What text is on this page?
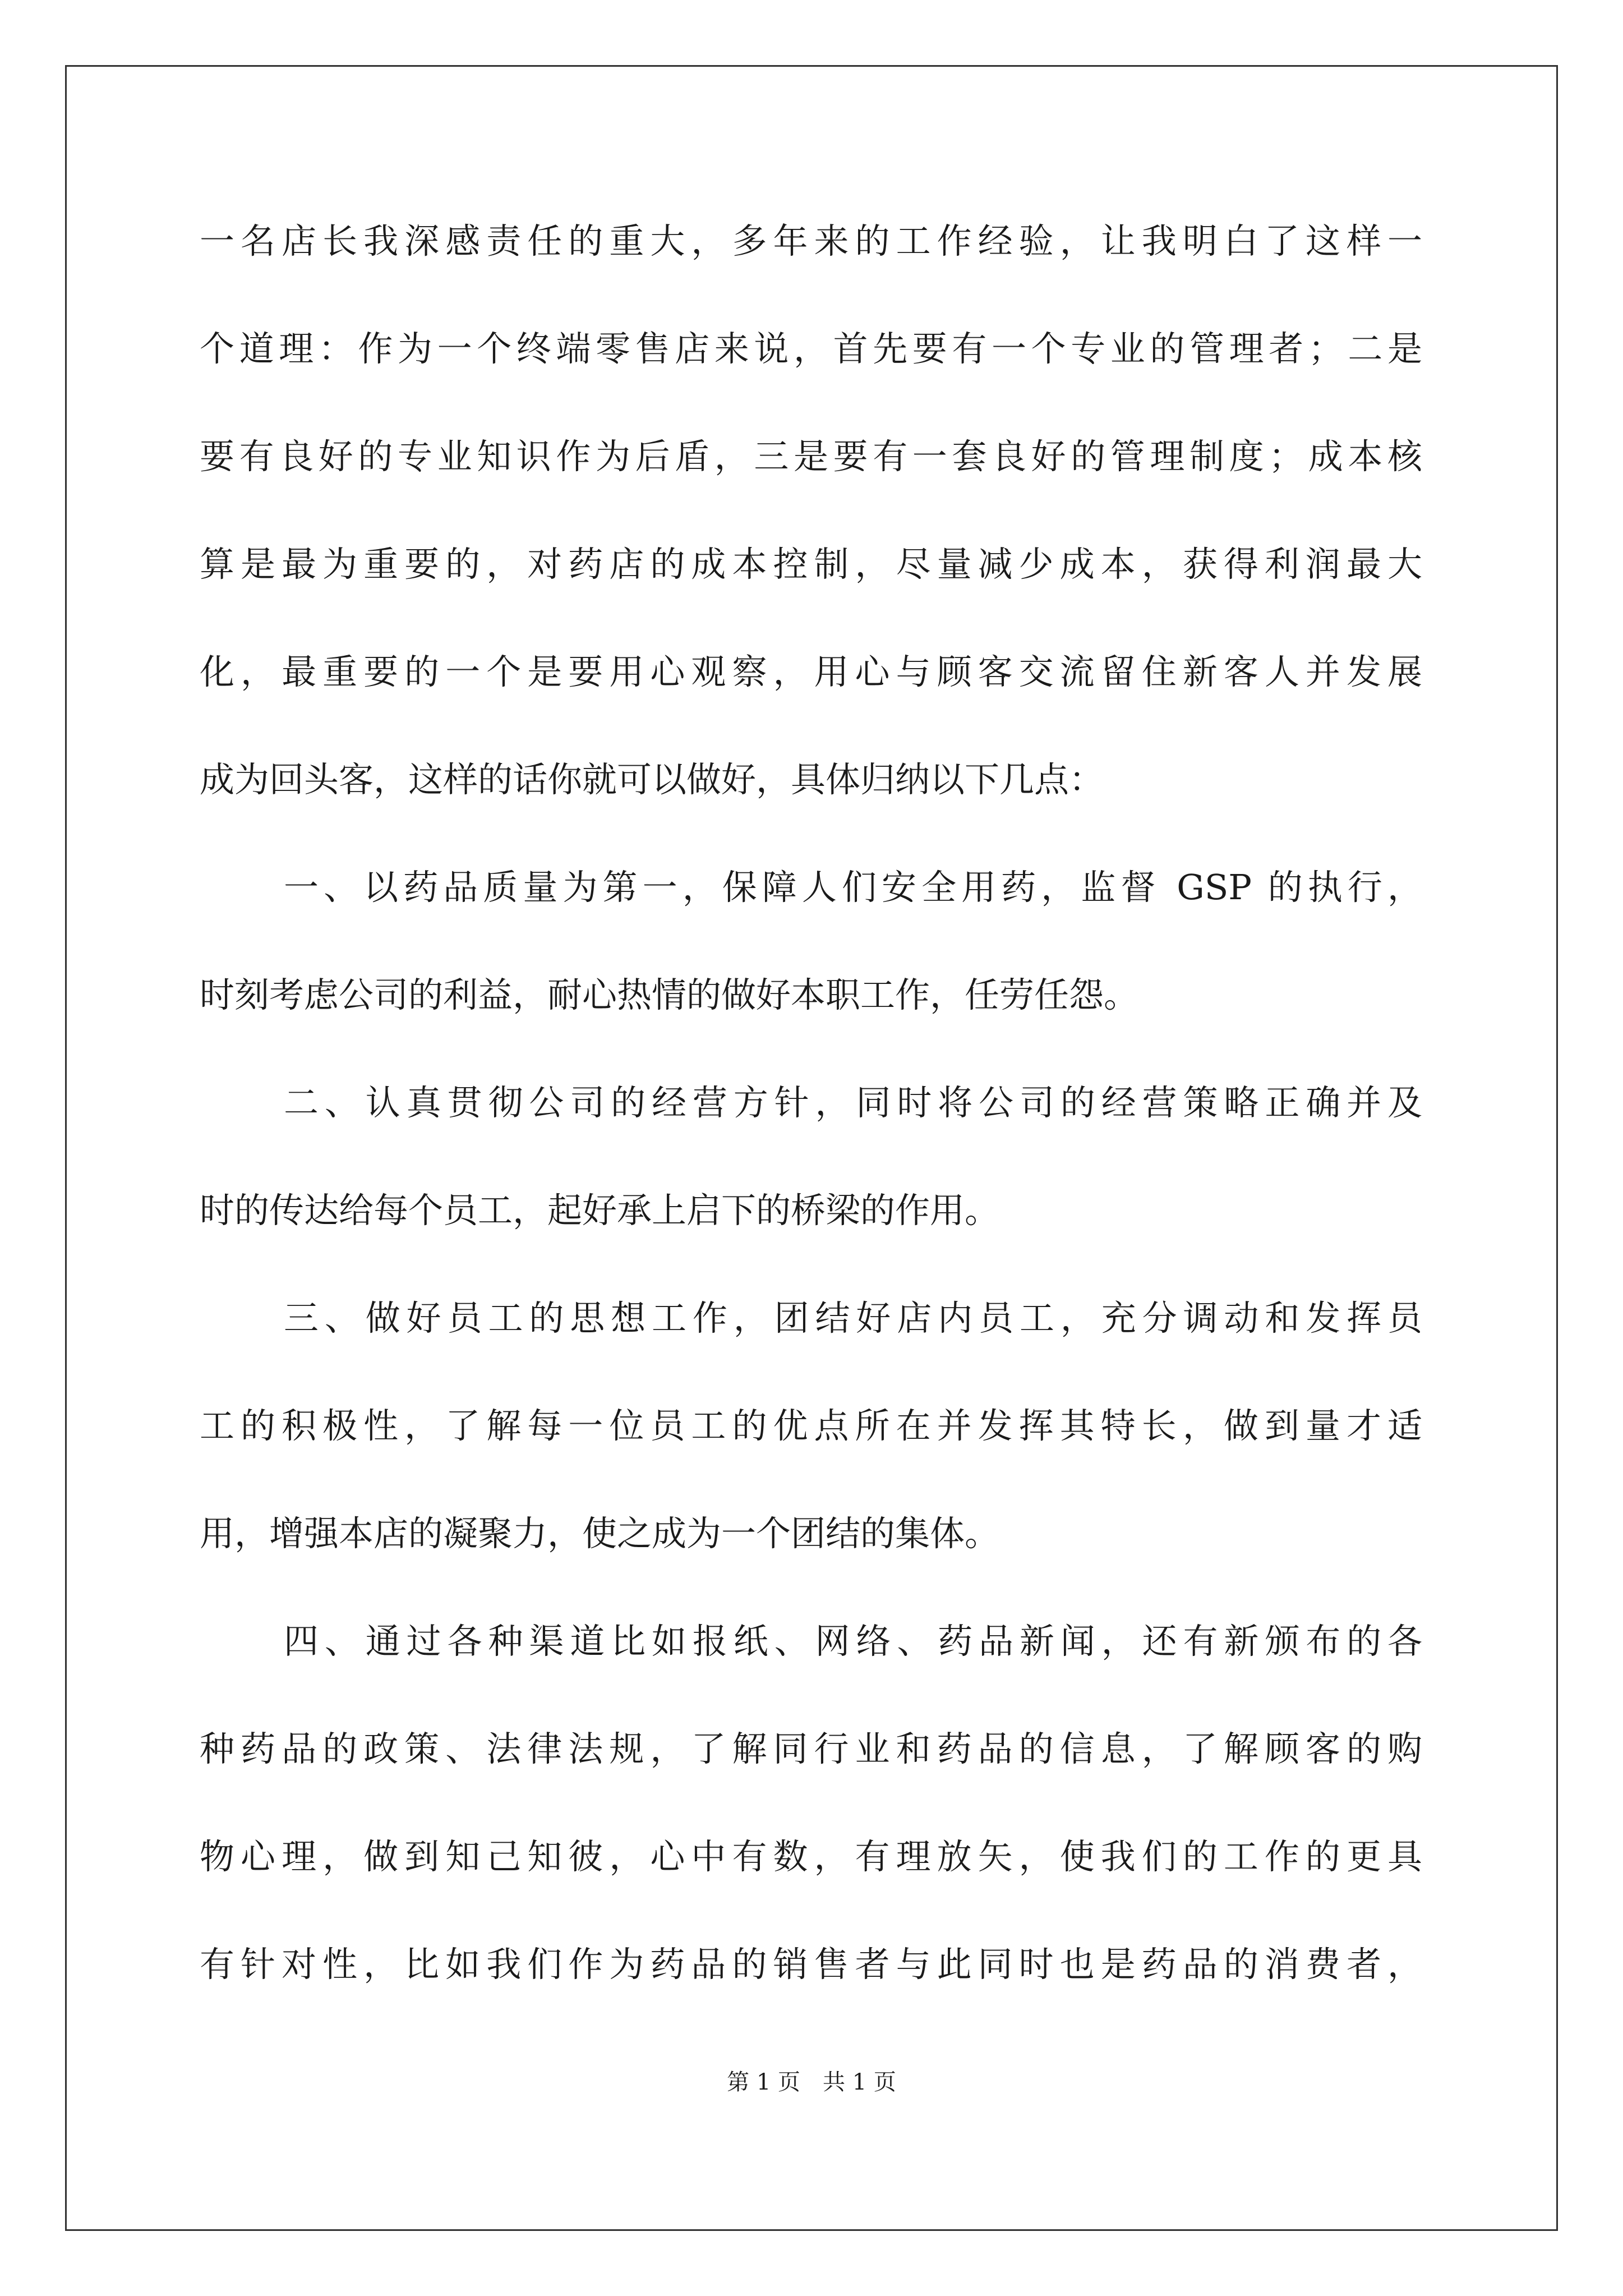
一名店长我深感责任的重大，多年来的工作经验，让我明白了这样一
个道理：作为一个终端零售店来说，首先要有一个专业的管理者；二是
要有良好的专业知识作为后盾，三是要有一套良好的管理制度；成本核
算是最为重要的，对药店的成本控制，尽量减少成本，获得利润最大
化，最重要的一个是要用心观察，用心与顾客交流留住新客人并发展
成为回头客，这样的话你就可以做好，具体归纳以下几点：
一、以药品质量为第一，保障人们安全用药，监督 GSP 的执行，
时刻考虑公司的利益，耐心热情的做好本职工作，任劳任怨。
二、认真贯彻公司的经营方针，同时将公司的经营策略正确并及
时的传达给每个员工，起好承上启下的桥梁的作用。
三、做好员工的思想工作，团结好店内员工，充分调动和发挥员
工的积极性，了解每一位员工的优点所在并发挥其特长，做到量才适
用，增强本店的凝聚力，使之成为一个团结的集体。
四、通过各种渠道比如报纸、网络、药品新闻，还有新颁布的各
种药品的政策、法律法规，了解同行业和药品的信息，了解顾客的购
物心理，做到知己知彼，心中有数，有理放矢，使我们的工作的更具
有针对性，比如我们作为药品的销售者与此同时也是药品的消费者，
第 1 页　共 1 页
